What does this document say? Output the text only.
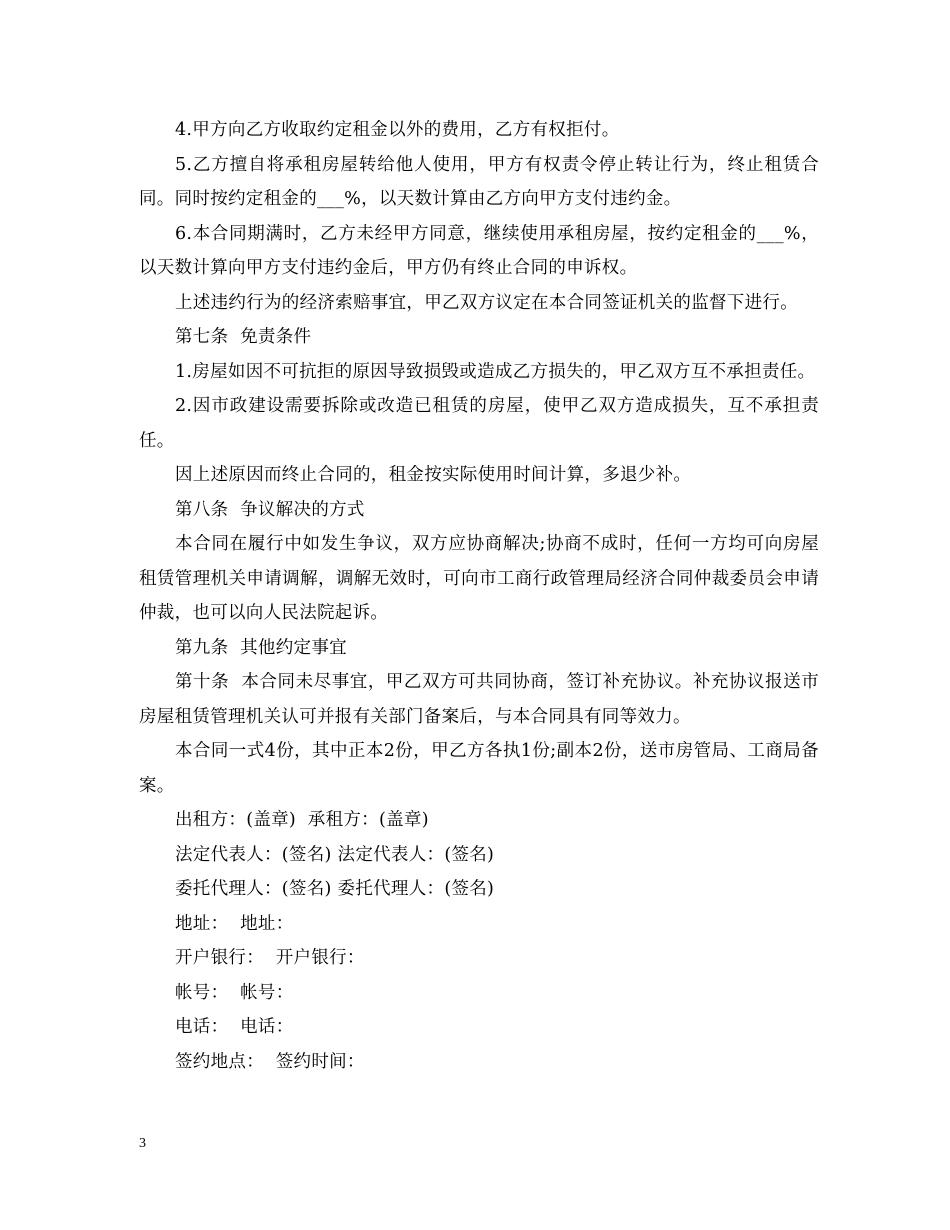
4.甲方向乙方收取约定租金以外的费用，乙方有权拒付。

5.乙方擅自将承租房屋转给他人使用，甲方有权责令停止转让行为，终止租赁合同。同时按约定租金的___%，以天数计算由乙方向甲方支付违约金。

6.本合同期满时，乙方未经甲方同意，继续使用承租房屋，按约定租金的___%，以天数计算向甲方支付违约金后，甲方仍有终止合同的申诉权。

上述违约行为的经济索赔事宜，甲乙双方议定在本合同签证机关的监督下进行。

第七条  免责条件

1.房屋如因不可抗拒的原因导致损毁或造成乙方损失的，甲乙双方互不承担责任。

2.因市政建设需要拆除或改造已租赁的房屋，使甲乙双方造成损失，互不承担责任。

因上述原因而终止合同的，租金按实际使用时间计算，多退少补。

第八条  争议解决的方式

本合同在履行中如发生争议，双方应协商解决;协商不成时，任何一方均可向房屋租赁管理机关申请调解，调解无效时，可向市工商行政管理局经济合同仲裁委员会申请仲裁，也可以向人民法院起诉。

第九条  其他约定事宜

第十条  本合同未尽事宜，甲乙双方可共同协商，签订补充协议。补充协议报送市房屋租赁管理机关认可并报有关部门备案后，与本合同具有同等效力。

本合同一式4份，其中正本2份，甲乙方各执1份;副本2份，送市房管局、工商局备案。

出租方：(盖章)  承租方：(盖章)

法定代表人：(签名) 法定代表人：(签名)

委托代理人：(签名) 委托代理人：(签名)

地址：  地址：

开户银行：  开户银行：

帐号：  帐号：

电话：  电话：

签约地点：  签约时间：

3
